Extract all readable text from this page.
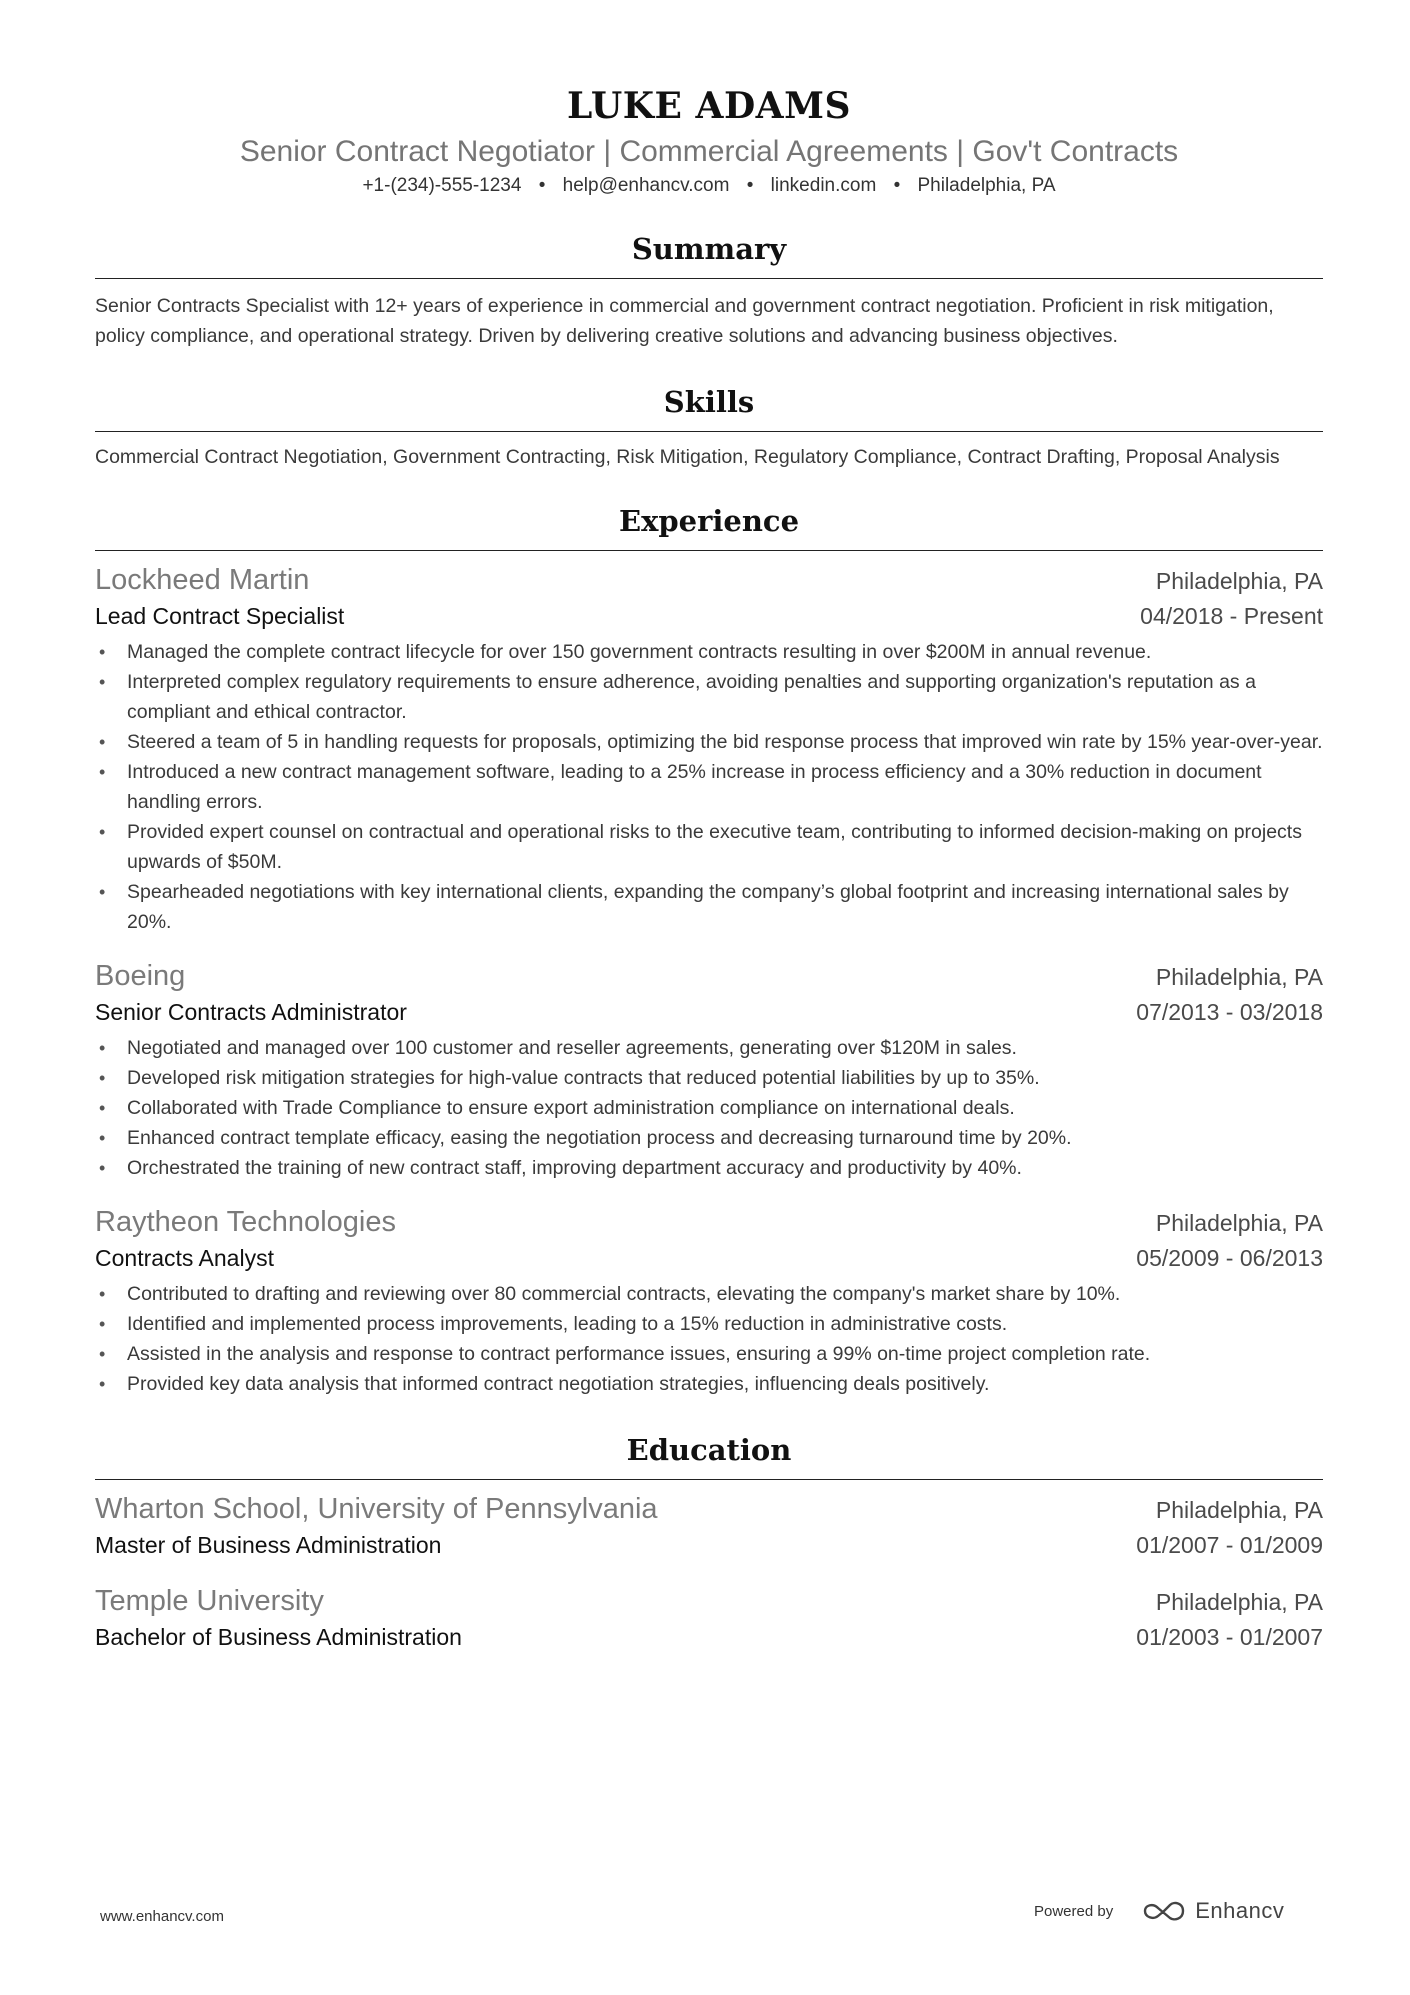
LUKE ADAMS
Senior Contract Negotiator | Commercial Agreements | Gov't Contracts
+1-(234)-555-1234 • help@enhancv.com • linkedin.com • Philadelphia, PA
Summary
Senior Contracts Specialist with 12+ years of experience in commercial and government contract negotiation. Proficient in risk mitigation, policy compliance, and operational strategy. Driven by delivering creative solutions and advancing business objectives.
Skills
Commercial Contract Negotiation, Government Contracting, Risk Mitigation, Regulatory Compliance, Contract Drafting, Proposal Analysis
Experience
Lockheed Martin	Philadelphia, PA
Lead Contract Specialist	04/2018 - Present
• Managed the complete contract lifecycle for over 150 government contracts resulting in over $200M in annual revenue.
• Interpreted complex regulatory requirements to ensure adherence, avoiding penalties and supporting organization's reputation as a compliant and ethical contractor.
• Steered a team of 5 in handling requests for proposals, optimizing the bid response process that improved win rate by 15% year-over-year.
• Introduced a new contract management software, leading to a 25% increase in process efficiency and a 30% reduction in document handling errors.
• Provided expert counsel on contractual and operational risks to the executive team, contributing to informed decision-making on projects upwards of $50M.
• Spearheaded negotiations with key international clients, expanding the company’s global footprint and increasing international sales by 20%.
Boeing	Philadelphia, PA
Senior Contracts Administrator	07/2013 - 03/2018
• Negotiated and managed over 100 customer and reseller agreements, generating over $120M in sales.
• Developed risk mitigation strategies for high-value contracts that reduced potential liabilities by up to 35%.
• Collaborated with Trade Compliance to ensure export administration compliance on international deals.
• Enhanced contract template efficacy, easing the negotiation process and decreasing turnaround time by 20%.
• Orchestrated the training of new contract staff, improving department accuracy and productivity by 40%.
Raytheon Technologies	Philadelphia, PA
Contracts Analyst	05/2009 - 06/2013
• Contributed to drafting and reviewing over 80 commercial contracts, elevating the company's market share by 10%.
• Identified and implemented process improvements, leading to a 15% reduction in administrative costs.
• Assisted in the analysis and response to contract performance issues, ensuring a 99% on-time project completion rate.
• Provided key data analysis that informed contract negotiation strategies, influencing deals positively.
Education
Wharton School, University of Pennsylvania	Philadelphia, PA
Master of Business Administration	01/2007 - 01/2009
Temple University	Philadelphia, PA
Bachelor of Business Administration	01/2003 - 01/2007
www.enhancv.com	Powered by	Enhancv
